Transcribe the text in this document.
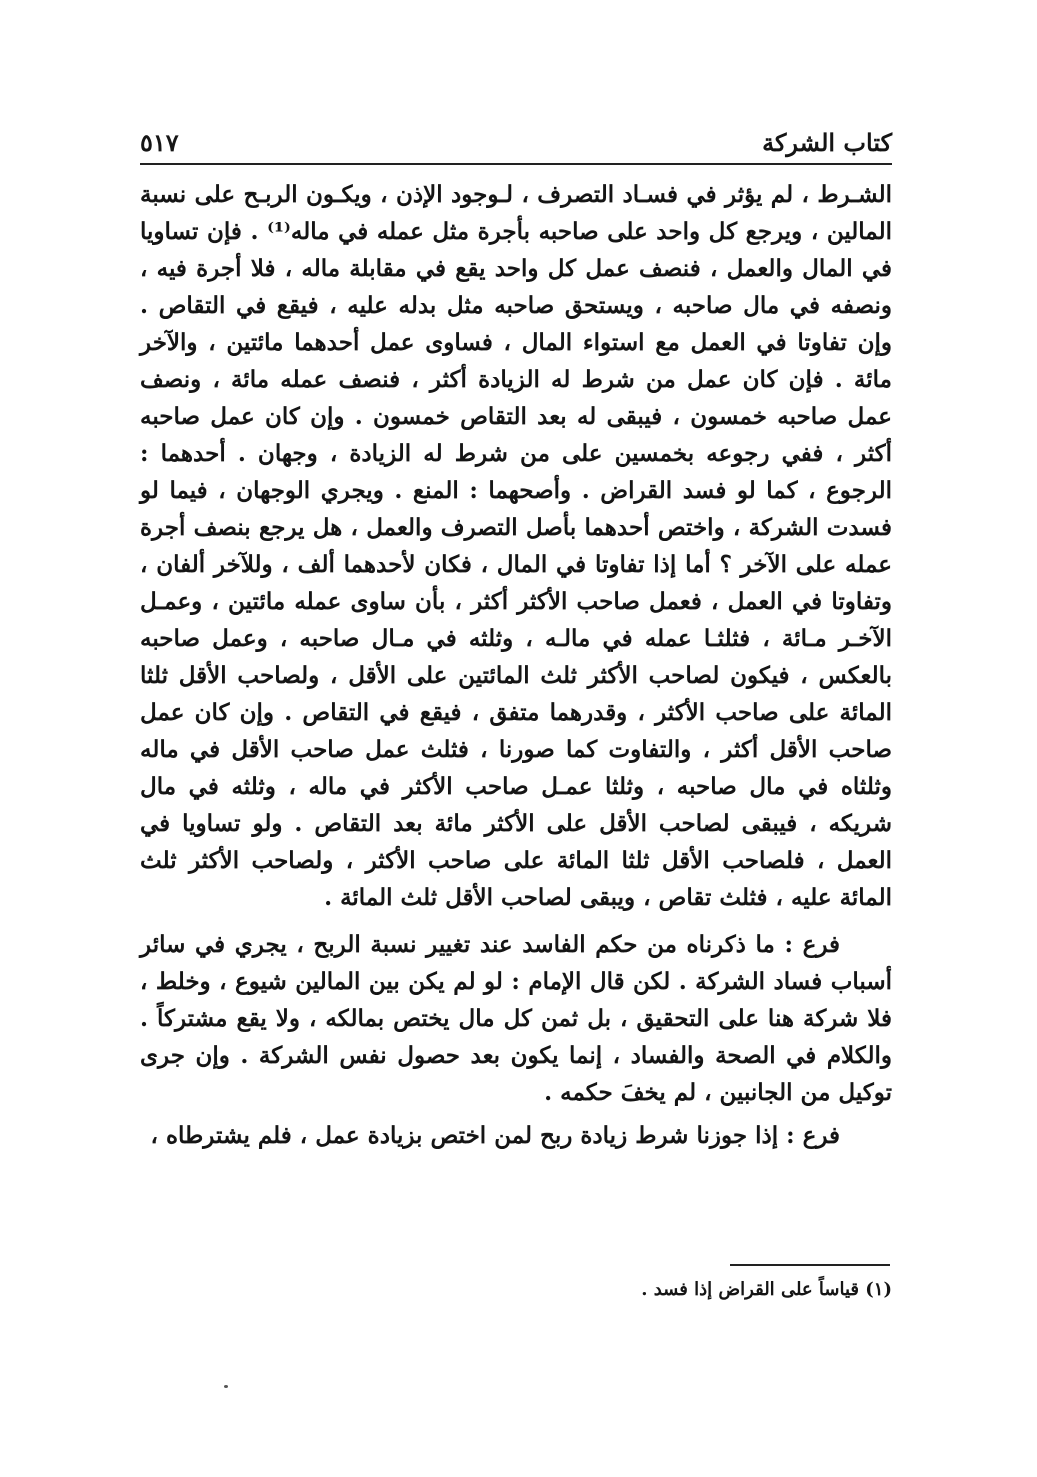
كتاب الشركة
٥١٧

الشـرط ، لم يؤثر في فسـاد التصرف ، لـوجود الإذن ، ويكـون الربـح على نسبة المالين ، ويرجع كل واحد على صاحبه بأجرة مثل عمله في ماله⁽¹⁾ . فإن تساويا في المال والعمل ، فنصف عمل كل واحد يقع في مقابلة ماله ، فلا أجرة فيه ، ونصفه في مال صاحبه ، ويستحق صاحبه مثل بدله عليه ، فيقع في التقاص . وإن تفاوتا في العمل مع استواء المال ، فساوى عمل أحدهما مائتين ، والآخر مائة . فإن كان عمل من شرط له الزيادة أكثر ، فنصف عمله مائة ، ونصف عمل صاحبه خمسون ، فيبقى له بعد التقاص خمسون . وإن كان عمل صاحبه أكثر ، ففي رجوعه بخمسين على من شرط له الزيادة ، وجهان . أحدهما : الرجوع ، كما لو فسد القراض . وأصحهما : المنع . ويجري الوجهان ، فيما لو فسدت الشركة ، واختص أحدهما بأصل التصرف والعمل ، هل يرجع بنصف أجرة عمله على الآخر ؟ أما إذا تفاوتا في المال ، فكان لأحدهما ألف ، وللآخر ألفان ، وتفاوتا في العمل ، فعمل صاحب الأكثر أكثر ، بأن ساوى عمله مائتين ، وعمـل الآخـر مـائة ، فثلثـا عمله في مالـه ، وثلثه في مـال صاحبه ، وعمل صاحبه بالعكس ، فيكون لصاحب الأكثر ثلث المائتين على الأقل ، ولصاحب الأقل ثلثا المائة على صاحب الأكثر ، وقدرهما متفق ، فيقع في التقاص . وإن كان عمل صاحب الأقل أكثر ، والتفاوت كما صورنا ، فثلث عمل صاحب الأقل في ماله وثلثاه في مال صاحبه ، وثلثا عمـل صاحب الأكثر في ماله ، وثلثه في مال شريكه ، فيبقى لصاحب الأقل على الأكثر مائة بعد التقاص . ولو تساويا في العمل ، فلصاحب الأقل ثلثا المائة على صاحب الأكثر ، ولصاحب الأكثر ثلث المائة عليه ، فثلث تقاص ، ويبقى لصاحب الأقل ثلث المائة .

فرع : ما ذكرناه من حكم الفاسد عند تغيير نسبة الربح ، يجري في سائر أسباب فساد الشركة . لكن قال الإمام : لو لم يكن بين المالين شيوع ، وخلط ، فلا شركة هنا على التحقيق ، بل ثمن كل مال يختص بمالكه ، ولا يقع مشتركاً . والكلام في الصحة والفساد ، إنما يكون بعد حصول نفس الشركة . وإن جرى توكيل من الجانبين ، لم يخفَ حكمه .

فرع : إذا جوزنا شرط زيادة ربح لمن اختص بزيادة عمل ، فلم يشترطاه ،

(١) قياساً على القراض إذا فسد .
